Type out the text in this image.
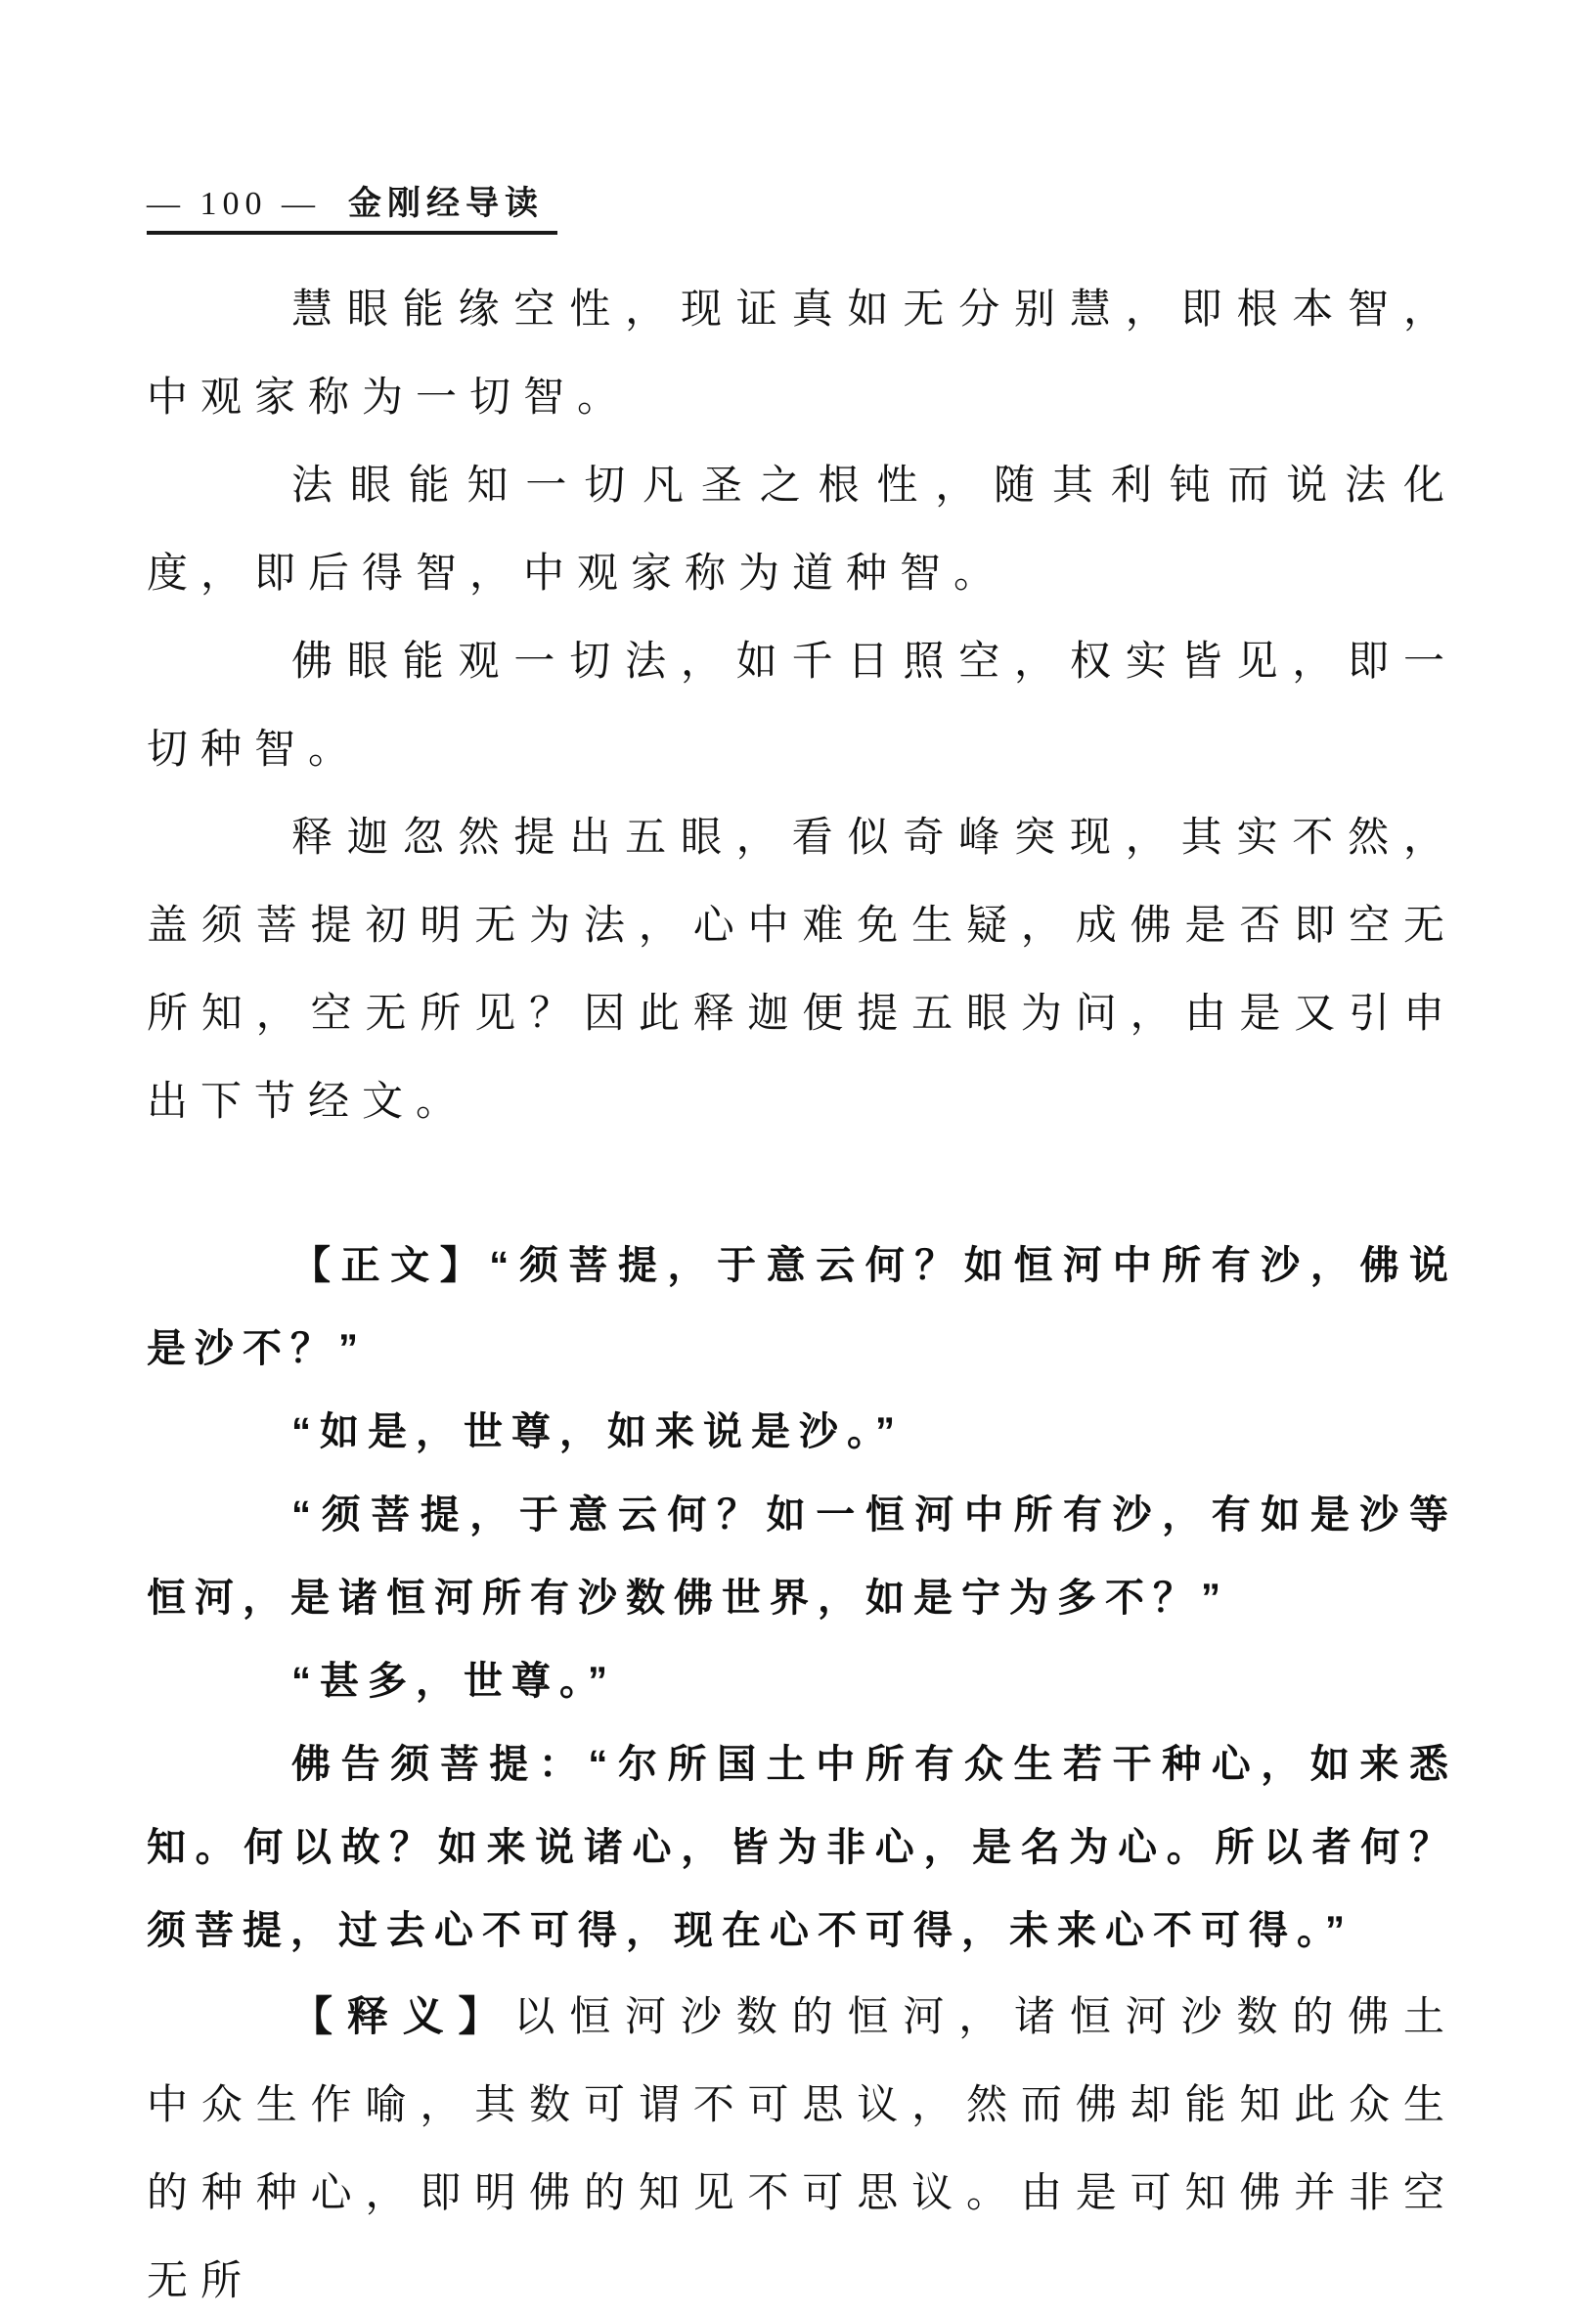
— 100 — 金刚经导读

慧眼能缘空性，现证真如无分别慧，即根本智，中观家称为一切智。

法眼能知一切凡圣之根性，随其利钝而说法化度，即后得智，中观家称为道种智。

佛眼能观一切法，如千日照空，权实皆见，即一切种智。

释迦忽然提出五眼，看似奇峰突现，其实不然，盖须菩提初明无为法，心中难免生疑，成佛是否即空无所知，空无所见？因此释迦便提五眼为问，由是又引申出下节经文。

【正文】“须菩提，于意云何？如恒河中所有沙，佛说是沙不？”

“如是，世尊，如来说是沙。”

“须菩提，于意云何？如一恒河中所有沙，有如是沙等恒河，是诸恒河所有沙数佛世界，如是宁为多不？”

“甚多，世尊。”

佛告须菩提：“尔所国土中所有众生若干种心，如来悉知。何以故？如来说诸心，皆为非心，是名为心。所以者何？须菩提，过去心不可得，现在心不可得，未来心不可得。”

【释义】以恒河沙数的恒河，诸恒河沙数的佛土中众生作喻，其数可谓不可思议，然而佛却能知此众生的种种心，即明佛的知见不可思议。由是可知佛并非空无所
